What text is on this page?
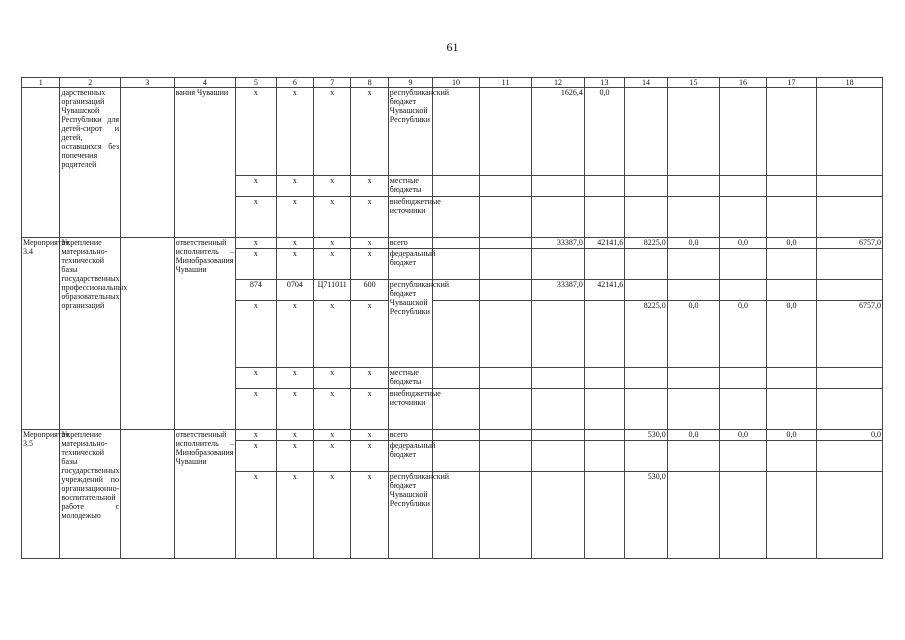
61
1	2	3	4	5	6	7	8	9	10	11	12	13	14	15	16	17	18
	дарственных организаций Чувашской Республики для детей-сирот и детей, оставшихся без попечения родителей		вания Чувашии	x	x	x	x	республиканский бюджет Чувашской Республики			1626,4	0,0					
				x	x	x	x	местные бюджеты									
				x	x	x	x	внебюджетные источники									
Мероприятие 3.4	Укрепление материально-технической базы государственных профессиональных образовательных организаций		ответственный исполнитель – Минобразования Чувашии	x	x	x	x	всего			33387,0	42141,6	8225,0	0,0	0,0	0,0	6757,0
				x	x	x	x	федеральный бюджет									
				874	0704	Ц711011	600	республиканский бюджет Чувашской Республики			33387,0	42141,6					
				x	x	x	x						8225,0	0,0	0,0	0,0	6757,0
				x	x	x	x	местные бюджеты									
				x	x	x	x	внебюджетные источники									
Мероприятие 3.5	Укрепление материально-технической базы государственных учреждений по организационно-воспитательной работе с молодежью		ответственный исполнитель – Минобразования Чувашии	x	x	x	x	всего					530,0	0,0	0,0	0,0	0,0
				x	x	x	x	федеральный бюджет									
				x	x	x	x	республиканский бюджет Чувашской Республики					530,0				
